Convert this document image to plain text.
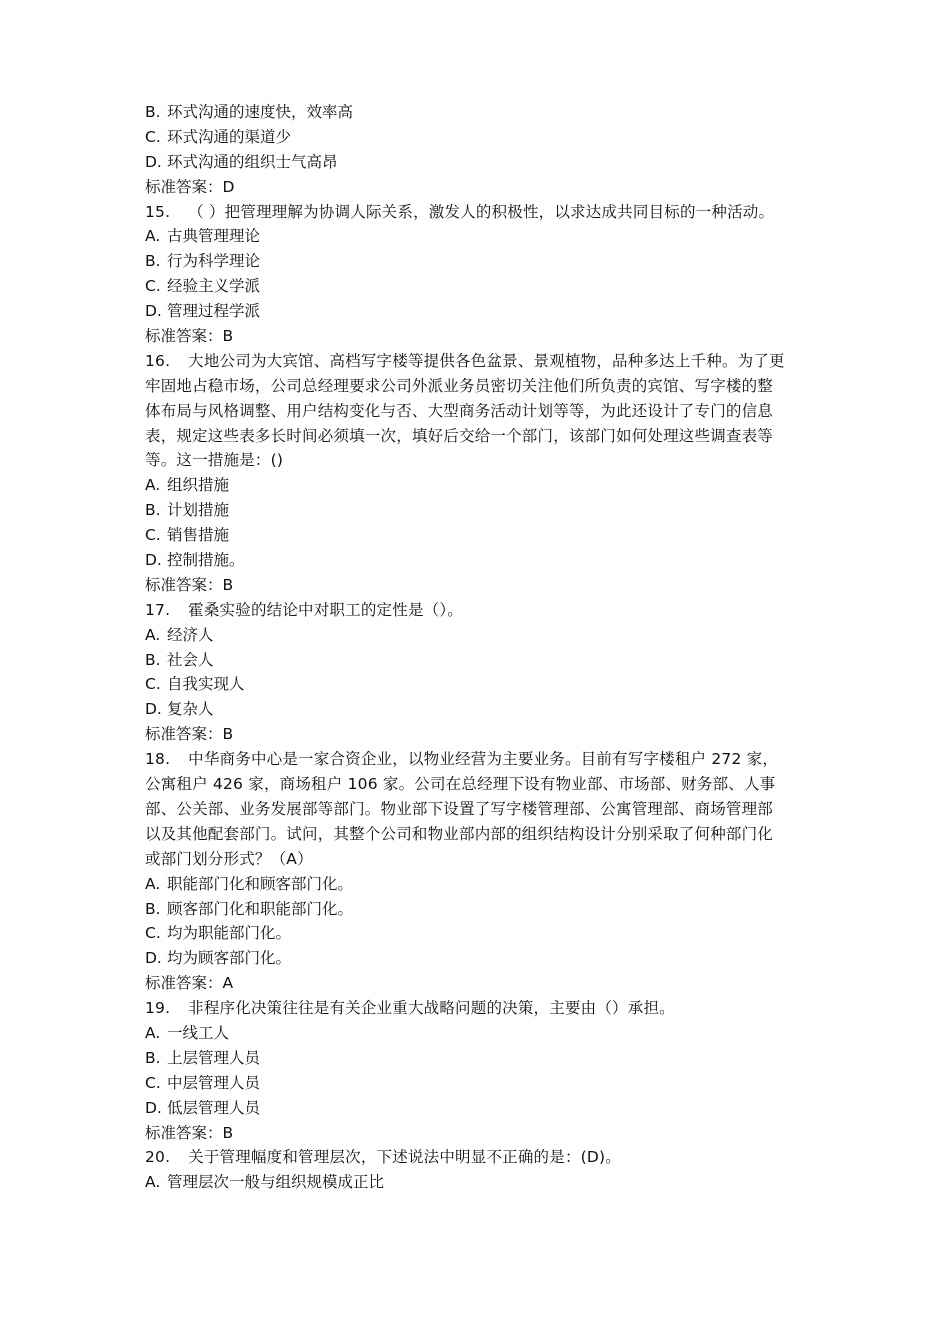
B. 环式沟通的速度快，效率高
C. 环式沟通的渠道少
D. 环式沟通的组织士气高昂
标准答案：D
15. （ ）把管理理解为协调人际关系，激发人的积极性，以求达成共同目标的一种活动。
A. 古典管理理论
B. 行为科学理论
C. 经验主义学派
D. 管理过程学派
标准答案：B
16. 大地公司为大宾馆、高档写字楼等提供各色盆景、景观植物，品种多达上千种。为了更
牢固地占稳市场，公司总经理要求公司外派业务员密切关注他们所负责的宾馆、写字楼的整
体布局与风格调整、用户结构变化与否、大型商务活动计划等等，为此还设计了专门的信息
表，规定这些表多长时间必须填一次，填好后交给一个部门，该部门如何处理这些调查表等
等。这一措施是：()
A. 组织措施
B. 计划措施
C. 销售措施
D. 控制措施。
标准答案：B
17. 霍桑实验的结论中对职工的定性是（）。
A. 经济人
B. 社会人
C. 自我实现人
D. 复杂人
标准答案：B
18. 中华商务中心是一家合资企业，以物业经营为主要业务。目前有写字楼租户 272 家，
公寓租户 426 家，商场租户 106 家。公司在总经理下设有物业部、市场部、财务部、人事
部、公关部、业务发展部等部门。物业部下设置了写字楼管理部、公寓管理部、商场管理部
以及其他配套部门。试问，其整个公司和物业部内部的组织结构设计分别采取了何种部门化
或部门划分形式？（A）
A. 职能部门化和顾客部门化。
B. 顾客部门化和职能部门化。
C. 均为职能部门化。
D. 均为顾客部门化。
标准答案：A
19. 非程序化决策往往是有关企业重大战略问题的决策，主要由（）承担。
A. 一线工人
B. 上层管理人员
C. 中层管理人员
D. 低层管理人员
标准答案：B
20. 关于管理幅度和管理层次，下述说法中明显不正确的是：(D)。
A. 管理层次一般与组织规模成正比
